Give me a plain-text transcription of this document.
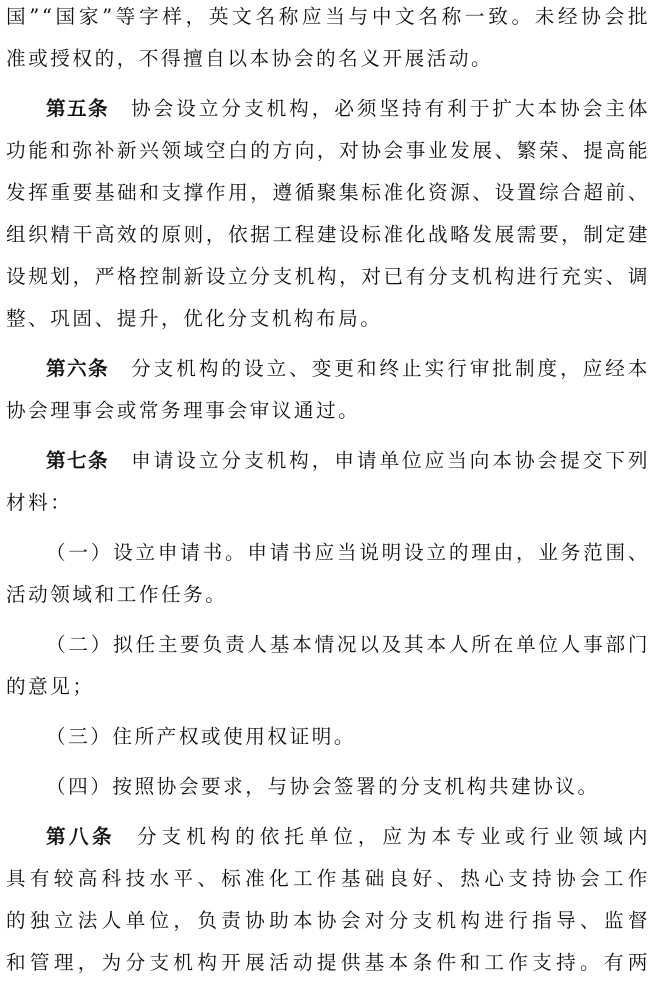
国”“国家”等字样，英文名称应当与中文名称一致。未经协会批
准或授权的，不得擅自以本协会的名义开展活动。
第五条 协会设立分支机构，必须坚持有利于扩大本协会主体
功能和弥补新兴领域空白的方向，对协会事业发展、繁荣、提高能
发挥重要基础和支撑作用，遵循聚集标准化资源、设置综合超前、
组织精干高效的原则，依据工程建设标准化战略发展需要，制定建
设规划，严格控制新设立分支机构，对已有分支机构进行充实、调
整、巩固、提升，优化分支机构布局。
第六条 分支机构的设立、变更和终止实行审批制度，应经本
协会理事会或常务理事会审议通过。
第七条 申请设立分支机构，申请单位应当向本协会提交下列
材料：
（一）设立申请书。申请书应当说明设立的理由，业务范围、
活动领域和工作任务。
（二）拟任主要负责人基本情况以及其本人所在单位人事部门
的意见；
（三）住所产权或使用权证明。
（四）按照协会要求，与协会签署的分支机构共建协议。
第八条 分支机构的依托单位，应为本专业或行业领域内
具有较高科技水平、标准化工作基础良好、热心支持协会工作
的独立法人单位，负责协助本协会对分支机构进行指导、监督
和管理，为分支机构开展活动提供基本条件和工作支持。有两
